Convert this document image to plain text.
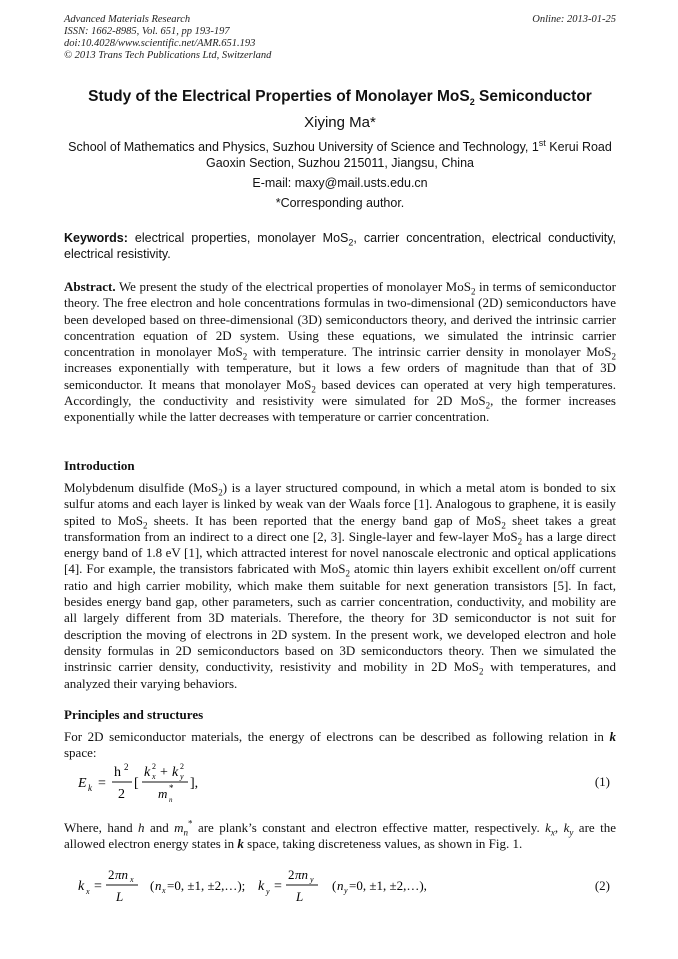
Advanced Materials Research
ISSN: 1662-8985, Vol. 651, pp 193-197
doi:10.4028/www.scientific.net/AMR.651.193
© 2013 Trans Tech Publications Ltd, Switzerland
Online: 2013-01-25
Study of the Electrical Properties of Monolayer MoS$_2$ Semiconductor
Xiying Ma*
School of Mathematics and Physics, Suzhou University of Science and Technology, 1st Kerui Road
Gaoxin Section, Suzhou 215011, Jiangsu, China
E-mail: maxy@mail.usts.edu.cn
*Corresponding author.
Keywords: electrical properties, monolayer MoS$_2$, carrier concentration, electrical conductivity, electrical resistivity.
Abstract. We present the study of the electrical properties of monolayer MoS$_2$ in terms of semiconductor theory. The free electron and hole concentrations formulas in two-dimensional (2D) semiconductors have been developed based on three-dimensional (3D) semiconductors theory, and derived the intrinsic carrier concentration equation of 2D system. Using these equations, we simulated the intrinsic carrier concentration in monolayer MoS$_2$ with temperature. The intrinsic carrier density in monolayer MoS$_2$ increases exponentially with temperature, but it lows a few orders of magnitude than that of 3D semiconductor. It means that monolayer MoS$_2$ based devices can operated at very high temperatures. Accordingly, the conductivity and resistivity were simulated for 2D MoS$_2$, the former increases exponentially while the latter decreases with temperature or carrier concentration.
Introduction
Molybdenum disulfide (MoS$_2$) is a layer structured compound, in which a metal atom is bonded to six sulfur atoms and each layer is linked by weak van der Waals force [1]. Analogous to graphene, it is easily spited to MoS$_2$ sheets. It has been reported that the energy band gap of MoS$_2$ sheet takes a great transformation from an indirect to a direct one [2, 3]. Single-layer and few-layer MoS$_2$ has a large direct energy band of 1.8 eV [1], which attracted interest for novel nanoscale electronic and optical applications [4]. For example, the transistors fabricated with MoS$_2$ atomic thin layers exhibit excellent on/off current ratio and high carrier mobility, which make them suitable for next generation transistors [5]. In fact, besides energy band gap, other parameters, such as carrier concentration, conductivity, and mobility are all largely different from 3D materials. Therefore, the theory for 3D semiconductor is not suit for description the moving of electrons in 2D system. In the present work, we developed electron and hole density formulas in 2D semiconductors based on 3D semiconductors theory. Then we simulated the instrinsic carrier density, conductivity, resistivity and mobility in 2D MoS$_2$ with temperatures, and analyzed their varying behaviors.
Principles and structures
For 2D semiconductor materials, the energy of electrons can be described as following relation in k space:
E k =
h 2
2
[
k x
2 + k y
2
m *
n
],	(1)
Where, hand h and $m_n^*$ are plank’s constant and electron effective matter, respectively. $k_x$, $k_y$ are the allowed electron energy states in k space, taking discreteness values, as shown in Fig. 1.
k x =
2 πn x
L
( n x =0, ±1, ±2,…); k y =
2 πn y
L
( n y =0, ±1, ±2,…),	(2)
